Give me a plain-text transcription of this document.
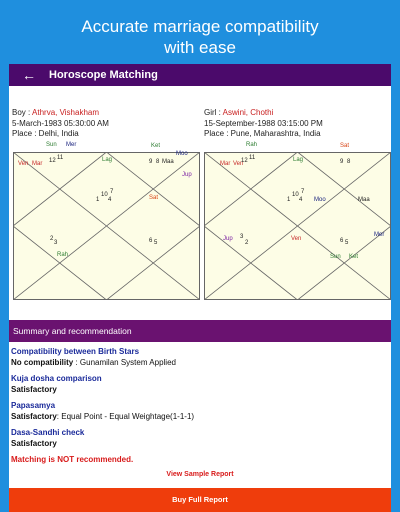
Accurate marriage compatibility
with ease
←	Horoscope Matching
Boy : Athrva, Vishakham
5-March-1983 05:30:00 AM
Place : Delhi, India
Girl : Aswini, Chothi
15-September-1988 03:15:00 PM
Place : Pune, Maharashtra, India
Sun Mer
Ven Mar 12 11	Lag
Ket
Moo
9 8 Maa
Jup
10
1 4
7
Sat
2
3	6 5
Rah
Rah	Sat
Mar Ven
12 11	Lag	9 8
1
10
4
7
Moo	Maa
Jup	Ven
2
3
6 5
Mer
Sun Ket
Summary and recommendation
Compatibility between Birth Stars
No compatibility : Gunamilan System Applied
Kuja dosha comparison
Satisfactory
Papasamya
Satisfactory: Equal Point - Equal Weightage(1-1-1)
Dasa-Sandhi check
Satisfactory
Matching is NOT recommended.
View Sample Report
Buy Full Report
